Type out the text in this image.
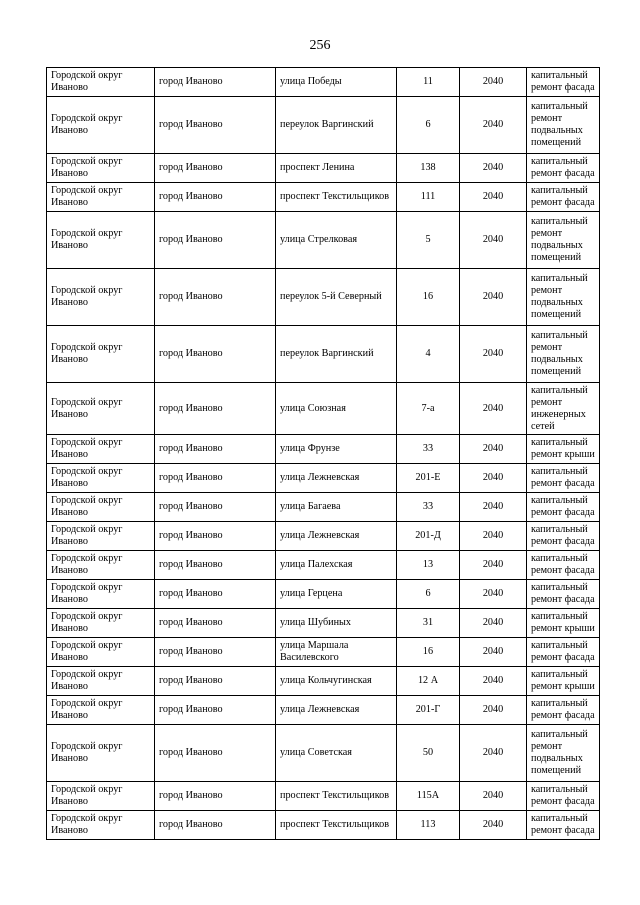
256
Городской округ Иваново	город Иваново	улица Победы	11	2040	капитальный ремонт фасада
Городской округ Иваново	город Иваново	переулок Варгинский	6	2040	капитальный ремонт подвальных помещений
Городской округ Иваново	город Иваново	проспект Ленина	138	2040	капитальный ремонт фасада
Городской округ Иваново	город Иваново	проспект Текстильщиков	111	2040	капитальный ремонт фасада
Городской округ Иваново	город Иваново	улица Стрелковая	5	2040	капитальный ремонт подвальных помещений
Городской округ Иваново	город Иваново	переулок 5-й Северный	16	2040	капитальный ремонт подвальных помещений
Городской округ Иваново	город Иваново	переулок Варгинский	4	2040	капитальный ремонт подвальных помещений
Городской округ Иваново	город Иваново	улица Союзная	7-а	2040	капитальный ремонт инженерных сетей
Городской округ Иваново	город Иваново	улица Фрунзе	33	2040	капитальный ремонт крыши
Городской округ Иваново	город Иваново	улица Лежневская	201-Е	2040	капитальный ремонт фасада
Городской округ Иваново	город Иваново	улица Багаева	33	2040	капитальный ремонт фасада
Городской округ Иваново	город Иваново	улица Лежневская	201-Д	2040	капитальный ремонт фасада
Городской округ Иваново	город Иваново	улица Палехская	13	2040	капитальный ремонт фасада
Городской округ Иваново	город Иваново	улица Герцена	6	2040	капитальный ремонт фасада
Городской округ Иваново	город Иваново	улица Шубиных	31	2040	капитальный ремонт крыши
Городской округ Иваново	город Иваново	улица Маршала Василевского	16	2040	капитальный ремонт фасада
Городской округ Иваново	город Иваново	улица Кольчугинская	12 А	2040	капитальный ремонт крыши
Городской округ Иваново	город Иваново	улица Лежневская	201-Г	2040	капитальный ремонт фасада
Городской округ Иваново	город Иваново	улица Советская	50	2040	капитальный ремонт подвальных помещений
Городской округ Иваново	город Иваново	проспект Текстильщиков	115А	2040	капитальный ремонт фасада
Городской округ Иваново	город Иваново	проспект Текстильщиков	113	2040	капитальный ремонт фасада
